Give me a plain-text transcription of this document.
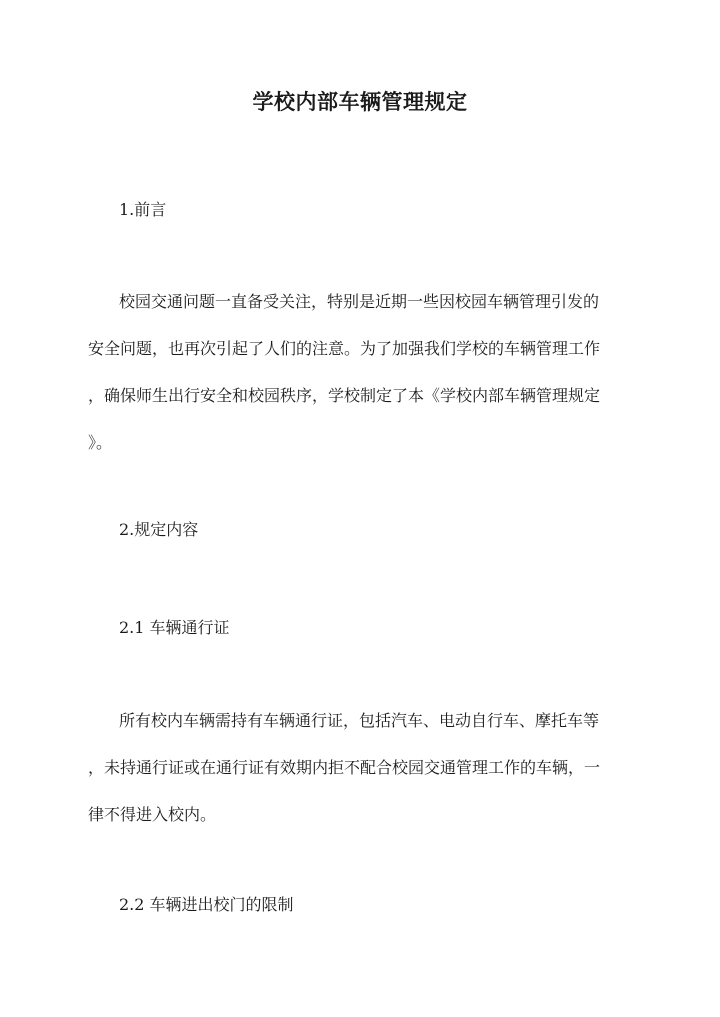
学校内部车辆管理规定
1.前言
校园交通问题一直备受关注，特别是近期一些因校园车辆管理引发的
安全问题，也再次引起了人们的注意。为了加强我们学校的车辆管理工作
，确保师生出行安全和校园秩序，学校制定了本《学校内部车辆管理规定
》。
2.规定内容
2.1 车辆通行证
所有校内车辆需持有车辆通行证，包括汽车、电动自行车、摩托车等
，未持通行证或在通行证有效期内拒不配合校园交通管理工作的车辆，一
律不得进入校内。
2.2 车辆进出校门的限制
